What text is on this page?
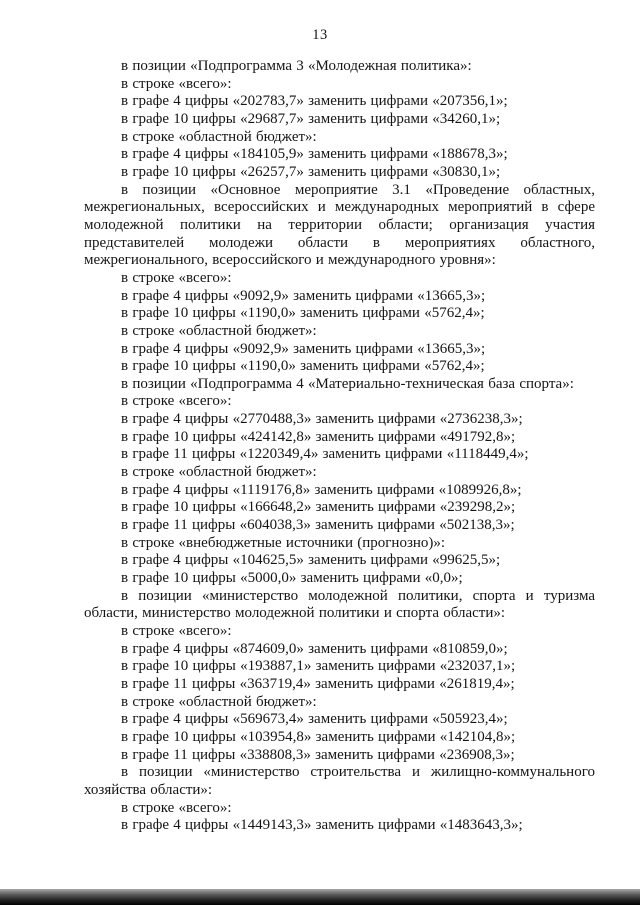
13

в позиции «Подпрограмма 3 «Молодежная политика»:

в строке «всего»:

в графе 4 цифры «202783,7» заменить цифрами «207356,1»;

в графе 10 цифры «29687,7» заменить цифрами «34260,1»;

в строке «областной бюджет»:

в графе 4 цифры «184105,9» заменить цифрами «188678,3»;

в графе 10 цифры «26257,7» заменить цифрами «30830,1»;

в позиции «Основное мероприятие 3.1 «Проведение областных, межрегиональных, всероссийских и международных мероприятий в сфере молодежной политики на территории области; организация участия представителей молодежи области в мероприятиях областного, межрегионального, всероссийского и международного уровня»:

в строке «всего»:

в графе 4 цифры «9092,9» заменить цифрами «13665,3»;

в графе 10 цифры «1190,0» заменить цифрами «5762,4»;

в строке «областной бюджет»:

в графе 4 цифры «9092,9» заменить цифрами «13665,3»;

в графе 10 цифры «1190,0» заменить цифрами «5762,4»;

в позиции «Подпрограмма 4 «Материально-техническая база спорта»:

в строке «всего»:

в графе 4 цифры «2770488,3» заменить цифрами «2736238,3»;

в графе 10 цифры «424142,8» заменить цифрами «491792,8»;

в графе 11 цифры «1220349,4» заменить цифрами «1118449,4»;

в строке «областной бюджет»:

в графе 4 цифры «1119176,8» заменить цифрами «1089926,8»;

в графе 10 цифры «166648,2» заменить цифрами «239298,2»;

в графе 11 цифры «604038,3» заменить цифрами «502138,3»;

в строке «внебюджетные источники (прогнозно)»:

в графе 4 цифры «104625,5» заменить цифрами «99625,5»;

в графе 10 цифры «5000,0» заменить цифрами «0,0»;

в позиции «министерство молодежной политики, спорта и туризма области, министерство молодежной политики и спорта области»:

в строке «всего»:

в графе 4 цифры «874609,0» заменить цифрами «810859,0»;

в графе 10 цифры «193887,1» заменить цифрами «232037,1»;

в графе 11 цифры «363719,4» заменить цифрами «261819,4»;

в строке «областной бюджет»:

в графе 4 цифры «569673,4» заменить цифрами «505923,4»;

в графе 10 цифры «103954,8» заменить цифрами «142104,8»;

в графе 11 цифры «338808,3» заменить цифрами «236908,3»;

в позиции «министерство строительства и жилищно-коммунального хозяйства области»:

в строке «всего»:

в графе 4 цифры «1449143,3» заменить цифрами «1483643,3»;
